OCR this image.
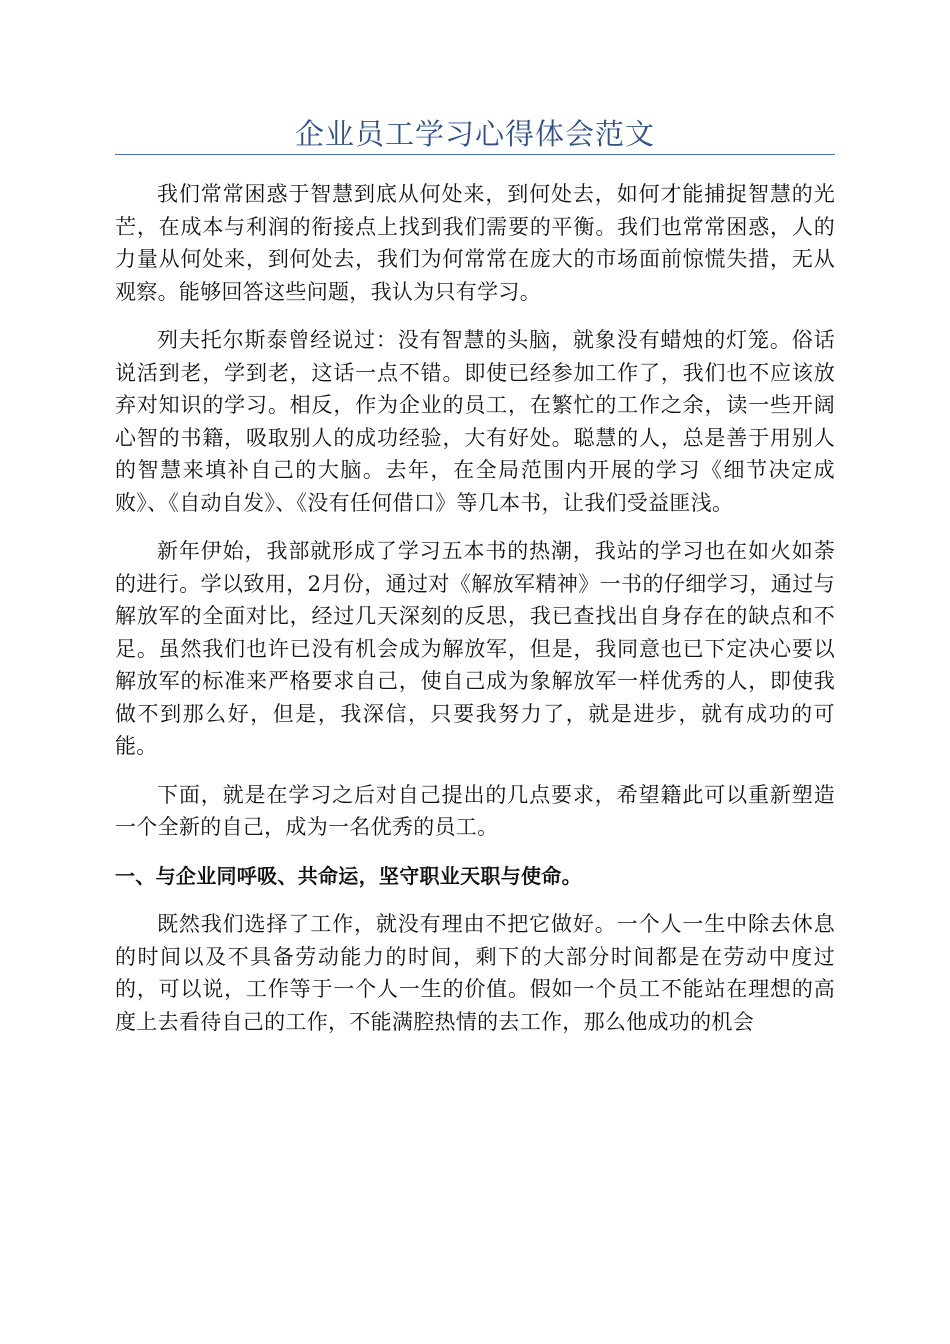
企业员工学习心得体会范文

我们常常困惑于智慧到底从何处来，到何处去，如何才能捕捉智慧的光芒，在成本与利润的衔接点上找到我们需要的平衡。我们也常常困惑，人的力量从何处来，到何处去，我们为何常常在庞大的市场面前惊慌失措，无从观察。能够回答这些问题，我认为只有学习。

列夫托尔斯泰曾经说过：没有智慧的头脑，就象没有蜡烛的灯笼。俗话说活到老，学到老，这话一点不错。即使已经参加工作了，我们也不应该放弃对知识的学习。相反，作为企业的员工，在繁忙的工作之余，读一些开阔心智的书籍，吸取别人的成功经验，大有好处。聪慧的人，总是善于用别人的智慧来填补自己的大脑。去年，在全局范围内开展的学习《细节决定成败》、《自动自发》、《没有任何借口》等几本书，让我们受益匪浅。

新年伊始，我部就形成了学习五本书的热潮，我站的学习也在如火如荼的进行。学以致用，2月份，通过对《解放军精神》一书的仔细学习，通过与解放军的全面对比，经过几天深刻的反思，我已查找出自身存在的缺点和不足。虽然我们也许已没有机会成为解放军，但是，我同意也已下定决心要以解放军的标准来严格要求自己，使自己成为象解放军一样优秀的人，即使我做不到那么好，但是，我深信，只要我努力了，就是进步，就有成功的可能。

下面，就是在学习之后对自己提出的几点要求，希望籍此可以重新塑造一个全新的自己，成为一名优秀的员工。

一、与企业同呼吸、共命运，坚守职业天职与使命。

既然我们选择了工作，就没有理由不把它做好。一个人一生中除去休息的时间以及不具备劳动能力的时间，剩下的大部分时间都是在劳动中度过的，可以说，工作等于一个人一生的价值。假如一个员工不能站在理想的高度上去看待自己的工作，不能满腔热情的去工作，那么他成功的机会
